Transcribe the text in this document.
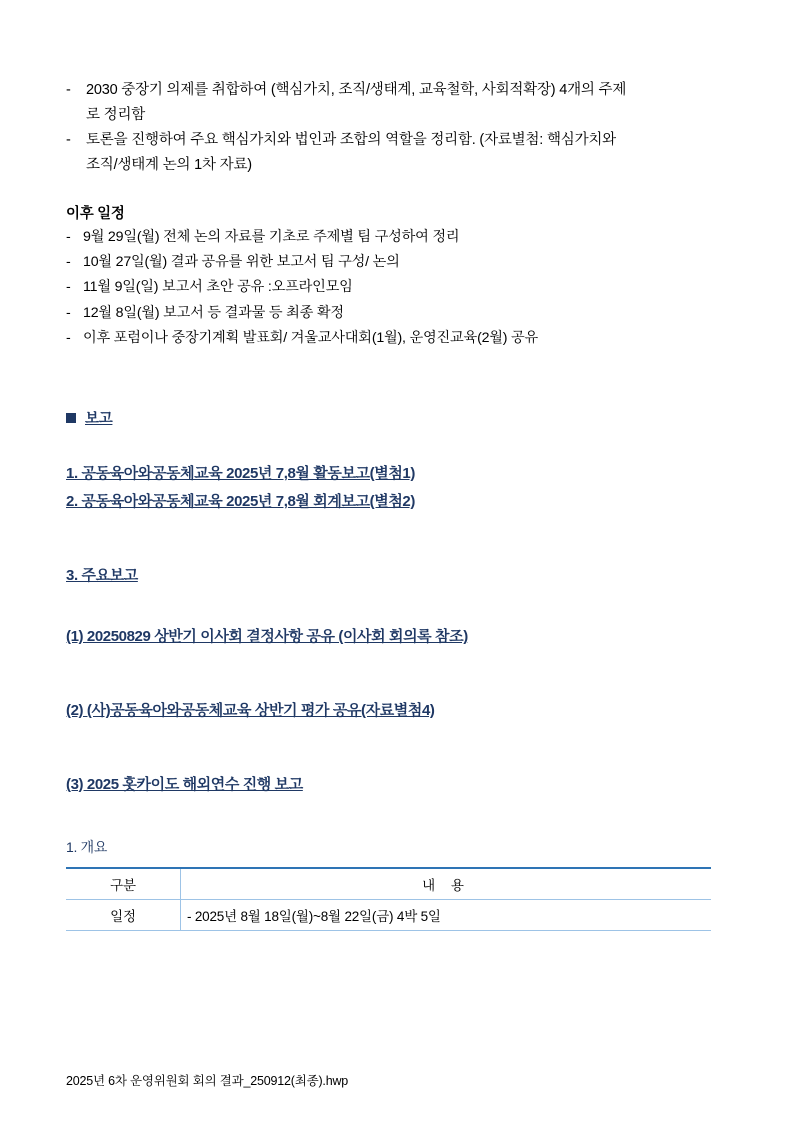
-	2030 중장기 의제를 취합하여 (핵심가치, 조직/생태계, 교육철학, 사회적확장) 4개의 주제
로 정리함
-	토론을 진행하여 주요 핵심가치와 법인과 조합의 역할을 정리함. (자료별첨: 핵심가치와
조직/생태계 논의 1차 자료)
이후 일정
- 9월 29일(월) 전체 논의 자료를 기초로 주제별 팀 구성하여 정리
- 10월 27일(월) 결과 공유를 위한 보고서 팀 구성/ 논의
- 11월 9일(일) 보고서 초안 공유 :오프라인모임
- 12월 8일(월) 보고서 등 결과물 등 최종 확정
- 이후 포럼이나 중장기계획 발표회/ 겨울교사대회(1월), 운영진교육(2월) 공유
보고
1. 공동육아와공동체교육 2025년 7,8월 활동보고(별첨1)
2. 공동육아와공동체교육 2025년 7,8월 회계보고(별첨2)
3. 주요보고
(1) 20250829 상반기 이사회 결정사항 공유 (이사회 회의록 참조)
(2) (사)공동육아와공동체교육 상반기 평가 공유(자료별첨4)
(3) 2025 홋카이도 해외연수 진행 보고
1. 개요
구분	내 용
일정	- 2025년 8월 18일(월)~8월 22일(금) 4박 5일
2025년 6차 운영위원회 회의 결과_250912(최종).hwp
